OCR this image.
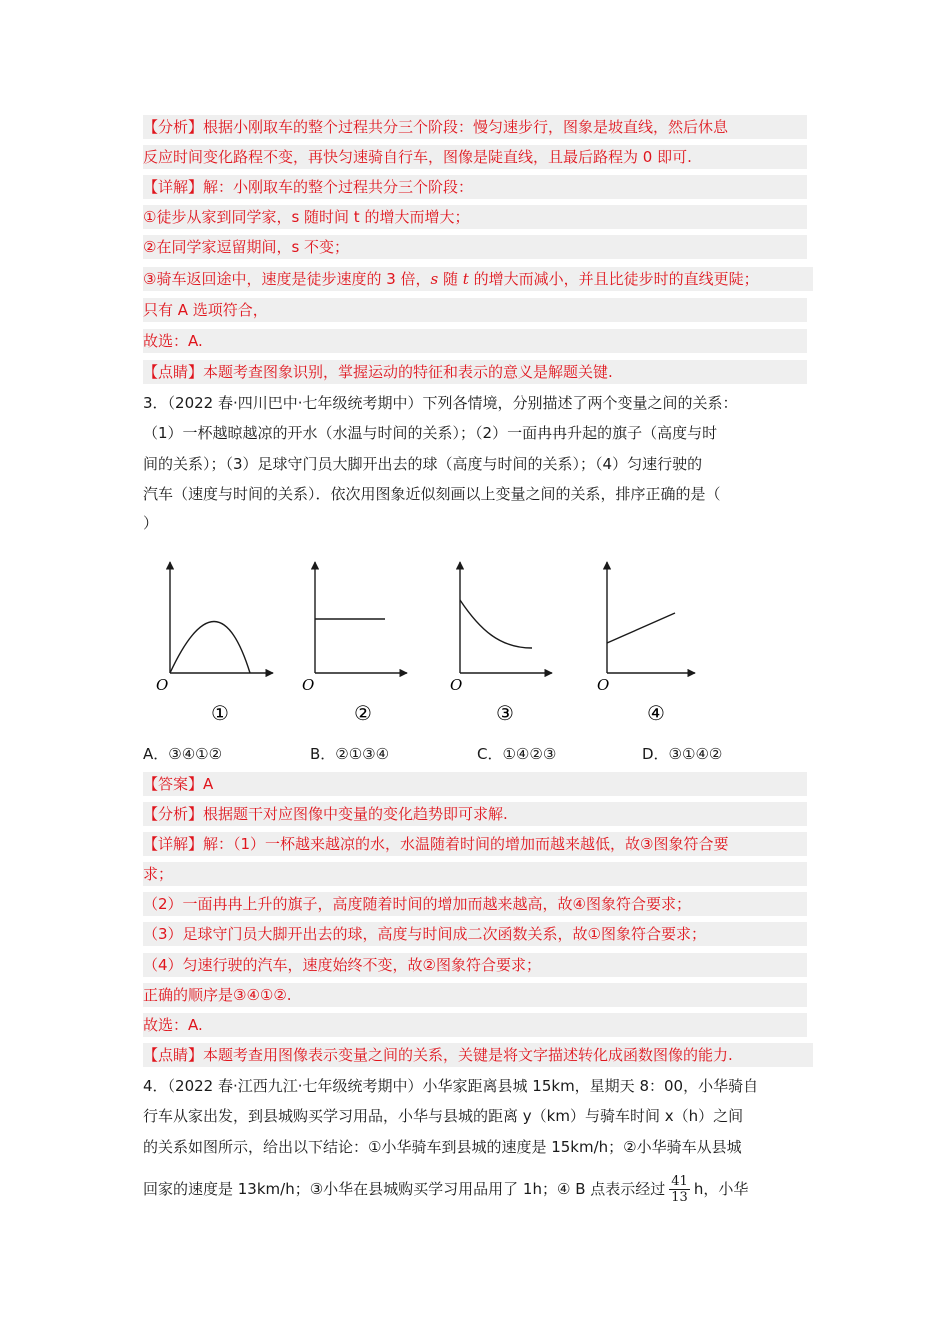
【分析】根据小刚取车的整个过程共分三个阶段：慢匀速步行，图象是坡直线，然后休息
反应时间变化路程不变，再快匀速骑自行车，图像是陡直线，且最后路程为 0 即可.
【详解】解：小刚取车的整个过程共分三个阶段：
①徒步从家到同学家，s 随时间 t 的增大而增大；
②在同学家逗留期间，s 不变；
③骑车返回途中，速度是徒步速度的 3 倍，s 随 t 的增大而减小，并且比徒步时的直线更陡；
只有 A 选项符合，
故选：A.
【点睛】本题考查图象识别，掌握运动的特征和表示的意义是解题关键.
3．（2022 春·四川巴中·七年级统考期中）下列各情境，分别描述了两个变量之间的关系：
（1）一杯越晾越凉的开水（水温与时间的关系）；（2）一面冉冉升起的旗子（高度与时
间的关系）；（3）足球守门员大脚开出去的球（高度与时间的关系）；（4）匀速行驶的
汽车（速度与时间的关系）．依次用图象近似刻画以上变量之间的关系，排序正确的是（
）
O
①
O
②
O
③
O
④
A．③④①②	B．②①③④	C．①④②③	D．③①④②
【答案】A
【分析】根据题干对应图像中变量的变化趋势即可求解.
【详解】解：（1）一杯越来越凉的水，水温随着时间的增加而越来越低，故③图象符合要
求；
（2）一面冉冉上升的旗子，高度随着时间的增加而越来越高，故④图象符合要求；
（3）足球守门员大脚开出去的球，高度与时间成二次函数关系，故①图象符合要求；
（4）匀速行驶的汽车，速度始终不变，故②图象符合要求；
正确的顺序是③④①②.
故选：A.
【点睛】本题考查用图像表示变量之间的关系，关键是将文字描述转化成函数图像的能力.
4．（2022 春·江西九江·七年级统考期中）小华家距离县城 15km，星期天 8：00，小华骑自
行车从家出发，到县城购买学习用品，小华与县城的距离 y（km）与骑车时间 x（h）之间
的关系如图所示，给出以下结论：①小华骑车到县城的速度是 15km/h；②小华骑车从县城
回家的速度是 13km/h；③小华在县城购买学习用品用了 1h；④ B 点表示经过 $\frac{41}{13}$ h，小华
